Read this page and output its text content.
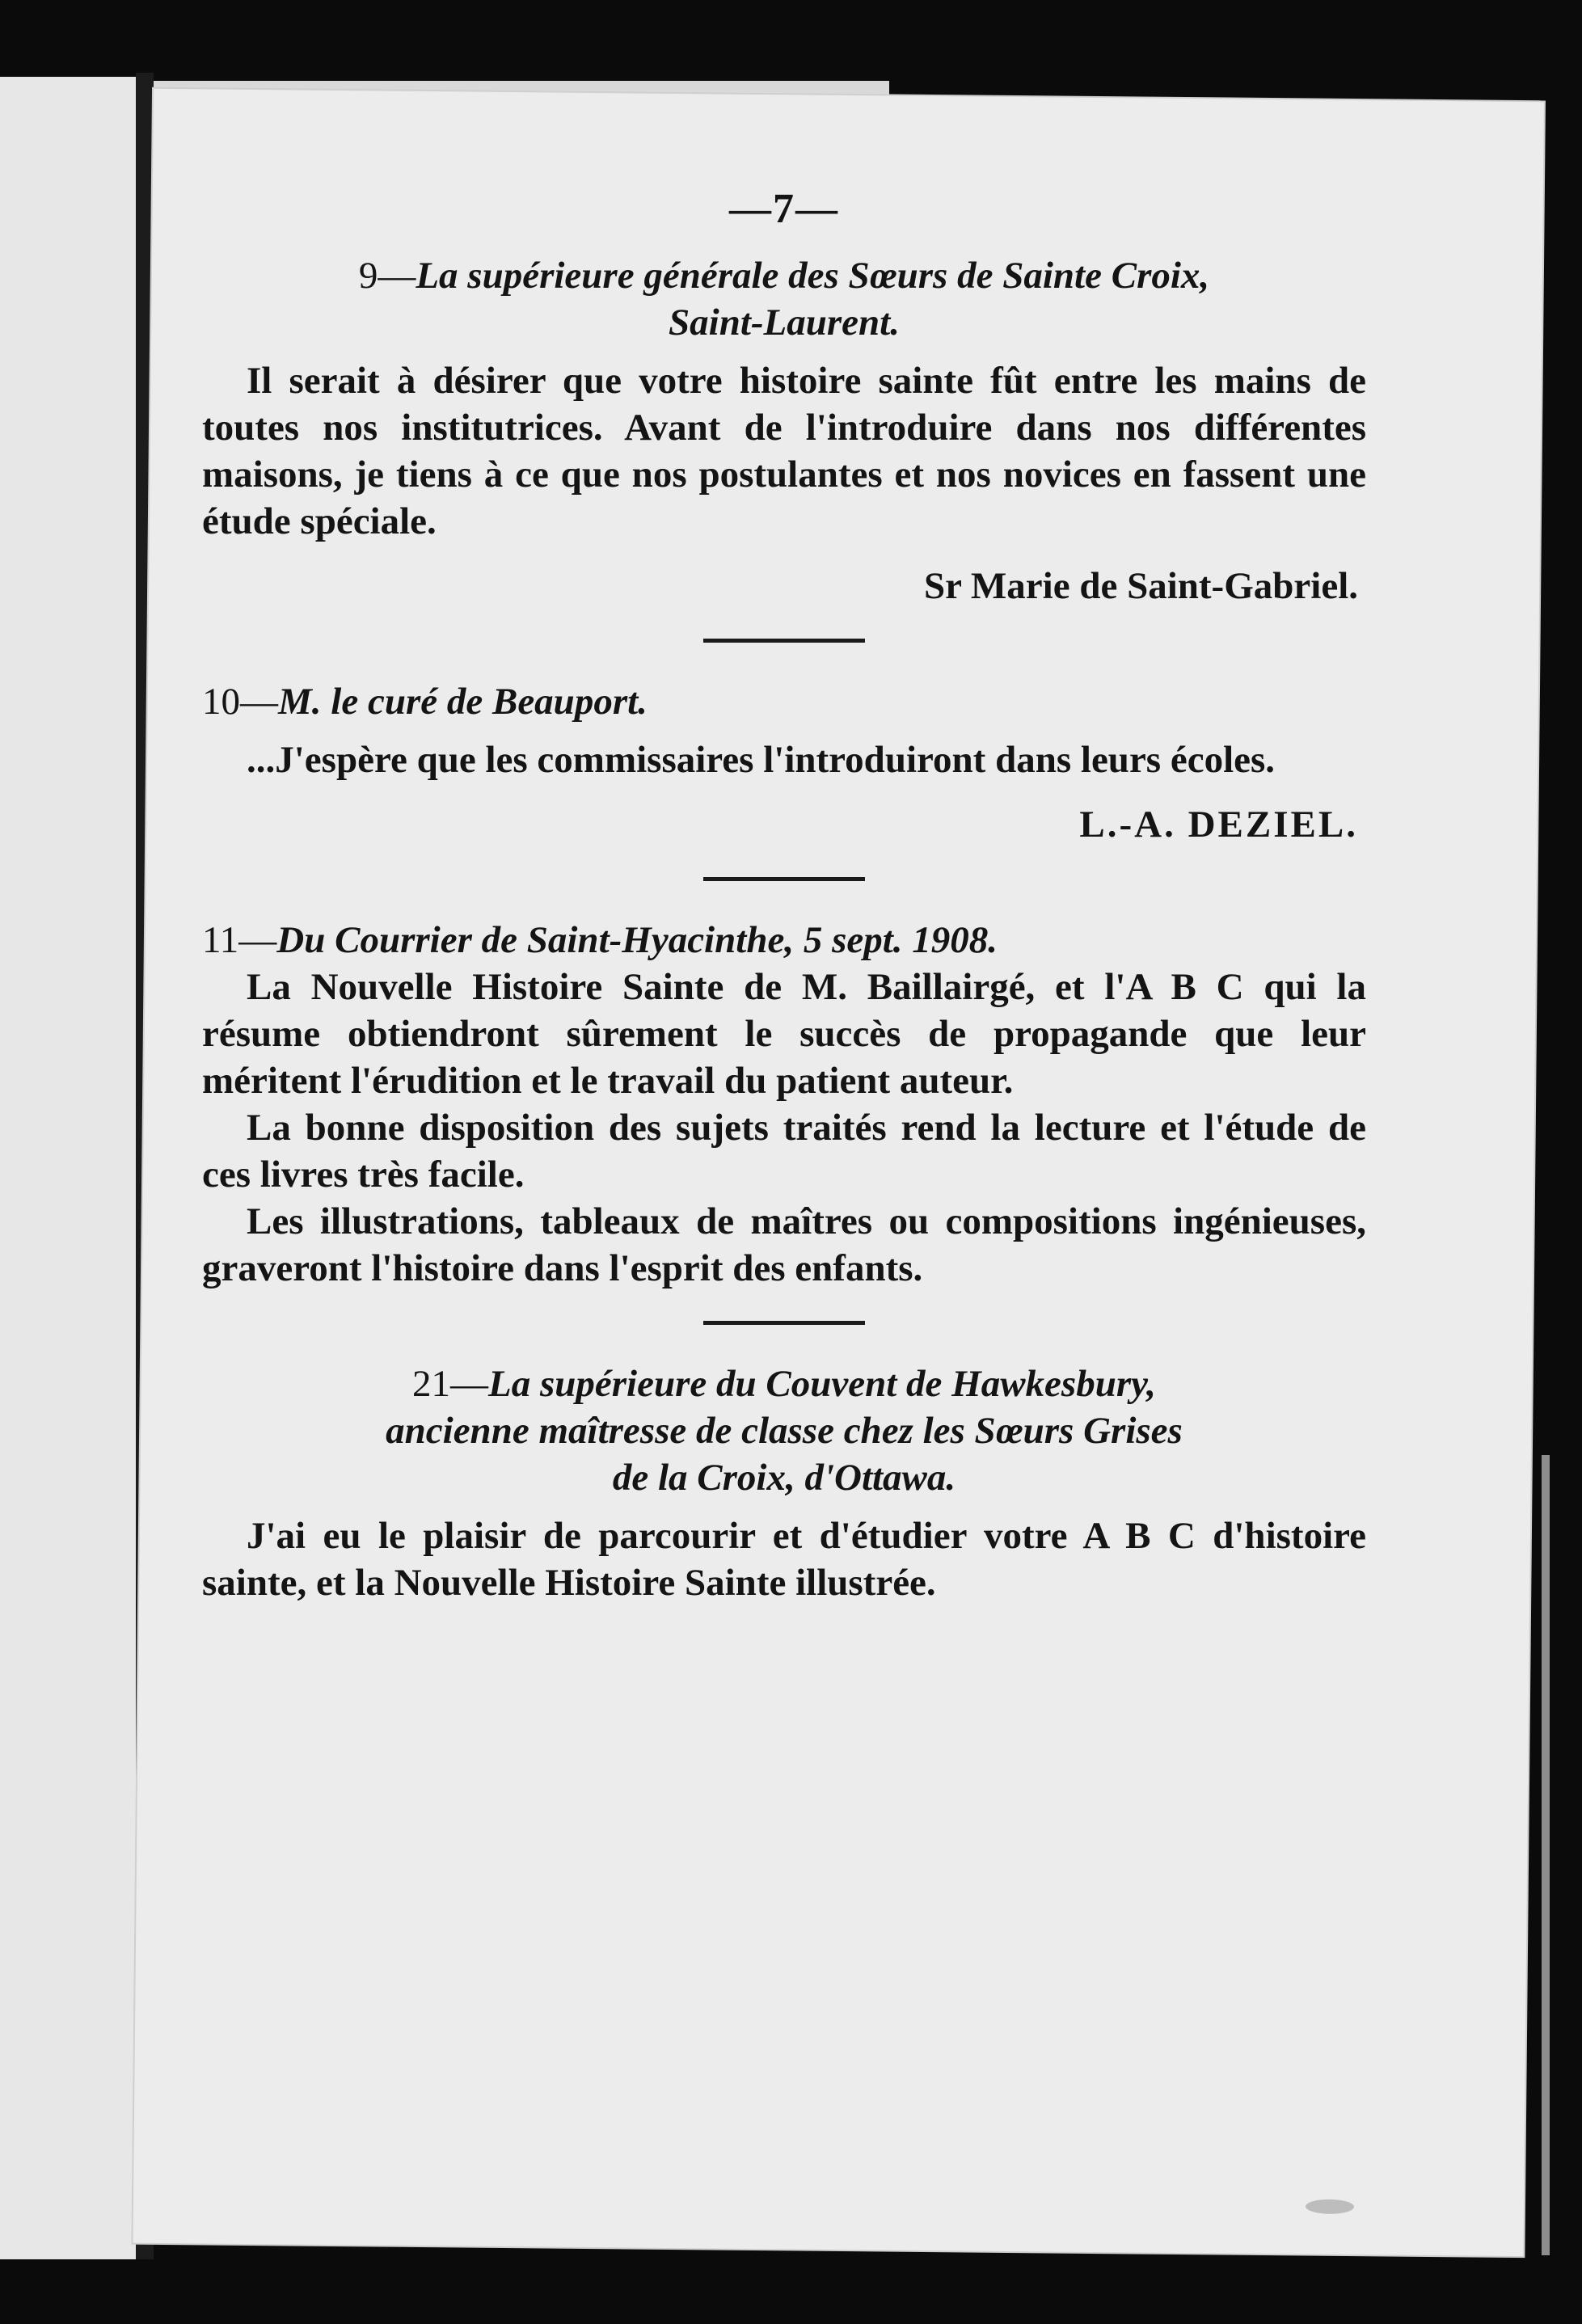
—7—

9—La supérieure générale des Sœurs de Sainte Croix,

Saint-Laurent.

Il serait à désirer que votre histoire sainte fût entre les mains de toutes nos institutrices. Avant de l'introduire dans nos différentes maisons, je tiens à ce que nos postulantes et nos novices en fassent une étude spéciale.

Sr Marie de Saint-Gabriel.

10—M. le curé de Beauport.

...J'espère que les commissaires l'introduiront dans leurs écoles.

L.-A. DEZIEL.

11—Du Courrier de Saint-Hyacinthe, 5 sept. 1908.

La Nouvelle Histoire Sainte de M. Baillairgé, et l'A B C qui la résume obtiendront sûrement le succès de propagande que leur méritent l'érudition et le travail du patient auteur.

La bonne disposition des sujets traités rend la lecture et l'étude de ces livres très facile.

Les illustrations, tableaux de maîtres ou compositions ingénieuses, graveront l'histoire dans l'esprit des enfants.

21—La supérieure du Couvent de Hawkesbury,

ancienne maîtresse de classe chez les Sœurs Grises

de la Croix, d'Ottawa.

J'ai eu le plaisir de parcourir et d'étudier votre A B C d'histoire sainte, et la Nouvelle Histoire Sainte illustrée.
